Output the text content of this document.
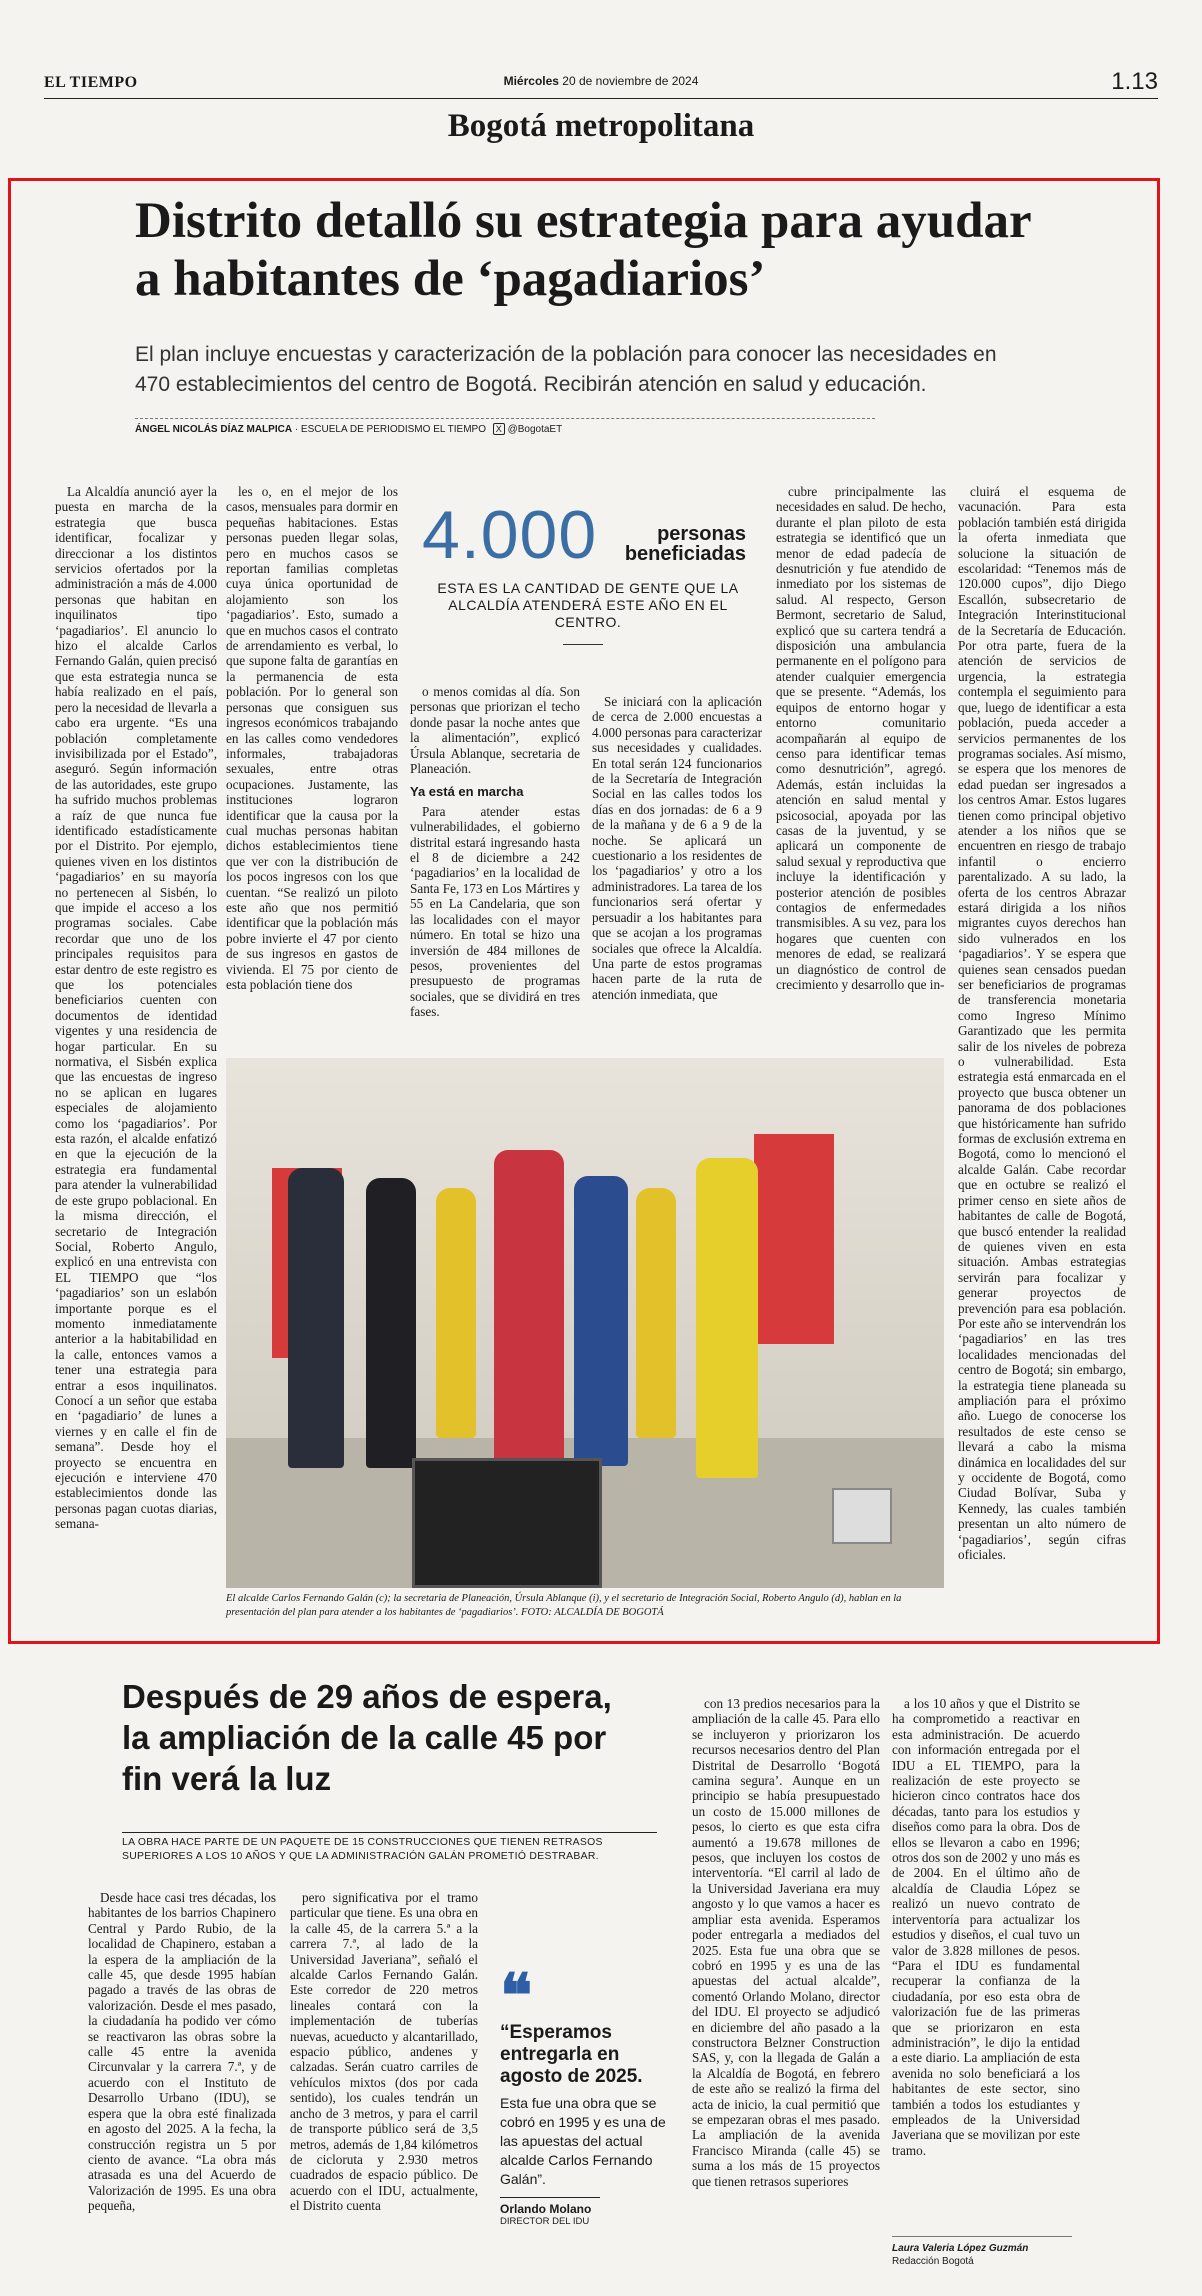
EL TIEMPO	Miércoles 20 de noviembre de 2024	1.13
Bogotá metropolitana
Distrito detalló su estrategia para ayudar a habitantes de ‘pagadiarios’

El plan incluye encuestas y caracterización de la población para conocer las necesidades en 470 establecimientos del centro de Bogotá. Recibirán atención en salud y educación.

ÁNGEL NICOLÁS DÍAZ MALPICA · ESCUELA DE PERIODISMO EL TIEMPO X @BogotaET

La Alcaldía anunció ayer la puesta en marcha de la estrategia que busca identificar, focalizar y direccionar a los distintos servicios ofertados por la administración a más de 4.000 personas que habitan en inquilinatos tipo ‘pagadiarios’. El anuncio lo hizo el alcalde Carlos Fernando Galán, quien precisó que esta estrategia nunca se había realizado en el país, pero la necesidad de llevarla a cabo era urgente. “Es una población completamente invisibilizada por el Estado”, aseguró. Según información de las autoridades, este grupo ha sufrido muchos problemas a raíz de que nunca fue identificado estadísticamente por el Distrito. Por ejemplo, quienes viven en los distintos ‘pagadiarios’ en su mayoría no pertenecen al Sisbén, lo que impide el acceso a los programas sociales. Cabe recordar que uno de los principales requisitos para estar dentro de este registro es que los potenciales beneficiarios cuenten con documentos de identidad vigentes y una residencia de hogar particular. En su normativa, el Sisbén explica que las encuestas de ingreso no se aplican en lugares especiales de alojamiento como los ‘pagadiarios’. Por esta razón, el alcalde enfatizó en que la ejecución de la estrategia era fundamental para atender la vulnerabilidad de este grupo poblacional. En la misma dirección, el secretario de Integración Social, Roberto Angulo, explicó en una entrevista con EL TIEMPO que “los ‘pagadiarios’ son un eslabón importante porque es el momento inmediatamente anterior a la habitabilidad en la calle, entonces vamos a tener una estrategia para entrar a esos inquilinatos. Conocí a un señor que estaba en ‘pagadiario’ de lunes a viernes y en calle el fin de semana”. Desde hoy el proyecto se encuentra en ejecución e interviene 470 establecimientos donde las personas pagan cuotas diarias, semana-

les o, en el mejor de los casos, mensuales para dormir en pequeñas habitaciones. Estas personas pueden llegar solas, pero en muchos casos se reportan familias completas cuya única oportunidad de alojamiento son los ‘pagadiarios’. Esto, sumado a que en muchos casos el contrato de arrendamiento es verbal, lo que supone falta de garantías en la permanencia de esta población. Por lo general son personas que consiguen sus ingresos económicos trabajando en las calles como vendedores informales, trabajadoras sexuales, entre otras ocupaciones. Justamente, las instituciones lograron identificar que la causa por la cual muchas personas habitan dichos establecimientos tiene que ver con la distribución de los pocos ingresos con los que cuentan. “Se realizó un piloto este año que nos permitió identificar que la población más pobre invierte el 47 por ciento de sus ingresos en gastos de vivienda. El 75 por ciento de esta población tiene dos

4.000	personas beneficiadas
ESTA ES LA CANTIDAD DE GENTE QUE LA ALCALDÍA ATENDERÁ ESTE AÑO EN EL CENTRO.

o menos comidas al día. Son personas que priorizan el techo donde pasar la noche antes que la alimentación”, explicó Úrsula Ablanque, secretaria de Planeación.

Ya está en marcha

Para atender estas vulnerabilidades, el gobierno distrital estará ingresando hasta el 8 de diciembre a 242 ‘pagadiarios’ en la localidad de Santa Fe, 173 en Los Mártires y 55 en La Candelaria, que son las localidades con el mayor número. En total se hizo una inversión de 484 millones de pesos, provenientes del presupuesto de programas sociales, que se dividirá en tres fases.

Se iniciará con la aplicación de cerca de 2.000 encuestas a 4.000 personas para caracterizar sus necesidades y cualidades. En total serán 124 funcionarios de la Secretaría de Integración Social en las calles todos los días en dos jornadas: de 6 a 9 de la mañana y de 6 a 9 de la noche. Se aplicará un cuestionario a los residentes de los ‘pagadiarios’ y otro a los administradores. La tarea de los funcionarios será ofertar y persuadir a los habitantes para que se acojan a los programas sociales que ofrece la Alcaldía. Una parte de estos programas hacen parte de la ruta de atención inmediata, que

cubre principalmente las necesidades en salud. De hecho, durante el plan piloto de esta estrategia se identificó que un menor de edad padecía de desnutrición y fue atendido de inmediato por los sistemas de salud. Al respecto, Gerson Bermont, secretario de Salud, explicó que su cartera tendrá a disposición una ambulancia permanente en el polígono para atender cualquier emergencia que se presente. “Además, los equipos de entorno hogar y entorno comunitario acompañarán al equipo de censo para identificar temas como desnutrición”, agregó. Además, están incluidas la atención en salud mental y psicosocial, apoyada por las casas de la juventud, y se aplicará un componente de salud sexual y reproductiva que incluye la identificación y posterior atención de posibles contagios de enfermedades transmisibles. A su vez, para los hogares que cuenten con menores de edad, se realizará un diagnóstico de control de crecimiento y desarrollo que in-

cluirá el esquema de vacunación. Para esta población también está dirigida la oferta inmediata que solucione la situación de escolaridad: “Tenemos más de 120.000 cupos”, dijo Diego Escallón, subsecretario de Integración Interinstitucional de la Secretaría de Educación. Por otra parte, fuera de la atención de servicios de urgencia, la estrategia contempla el seguimiento para que, luego de identificar a esta población, pueda acceder a servicios permanentes de los programas sociales. Así mismo, se espera que los menores de edad puedan ser ingresados a los centros Amar. Estos lugares tienen como principal objetivo atender a los niños que se encuentren en riesgo de trabajo infantil o encierro parentalizado. A su lado, la oferta de los centros Abrazar estará dirigida a los niños migrantes cuyos derechos han sido vulnerados en los ‘pagadiarios’. Y se espera que quienes sean censados puedan ser beneficiarios de programas de transferencia monetaria como Ingreso Mínimo Garantizado que les permita salir de los niveles de pobreza o vulnerabilidad. Esta estrategia está enmarcada en el proyecto que busca obtener un panorama de dos poblaciones que históricamente han sufrido formas de exclusión extrema en Bogotá, como lo mencionó el alcalde Galán. Cabe recordar que en octubre se realizó el primer censo en siete años de habitantes de calle de Bogotá, que buscó entender la realidad de quienes viven en esta situación. Ambas estrategias servirán para focalizar y generar proyectos de prevención para esa población. Por este año se intervendrán los ‘pagadiarios’ en las tres localidades mencionadas del centro de Bogotá; sin embargo, la estrategia tiene planeada su ampliación para el próximo año. Luego de conocerse los resultados de este censo se llevará a cabo la misma dinámica en localidades del sur y occidente de Bogotá, como Ciudad Bolívar, Suba y Kennedy, las cuales también presentan un alto número de ‘pagadiarios’, según cifras oficiales.

El alcalde Carlos Fernando Galán (c); la secretaria de Planeación, Úrsula Ablanque (i), y el secretario de Integración Social, Roberto Angulo (d), hablan en la presentación del plan para atender a los habitantes de ‘pagadiarios’. FOTO: ALCALDÍA DE BOGOTÁ

Después de 29 años de espera, la ampliación de la calle 45 por fin verá la luz

LA OBRA HACE PARTE DE UN PAQUETE DE 15 CONSTRUCCIONES QUE TIENEN RETRASOS SUPERIORES A LOS 10 AÑOS Y QUE LA ADMINISTRACIÓN GALÁN PROMETIÓ DESTRABAR.

Desde hace casi tres décadas, los habitantes de los barrios Chapinero Central y Pardo Rubio, de la localidad de Chapinero, estaban a la espera de la ampliación de la calle 45, que desde 1995 habían pagado a través de las obras de valorización. Desde el mes pasado, la ciudadanía ha podido ver cómo se reactivaron las obras sobre la calle 45 entre la avenida Circunvalar y la carrera 7.ª, y de acuerdo con el Instituto de Desarrollo Urbano (IDU), se espera que la obra esté finalizada en agosto del 2025. A la fecha, la construcción registra un 5 por ciento de avance. “La obra más atrasada es una del Acuerdo de Valorización de 1995. Es una obra pequeña,

pero significativa por el tramo particular que tiene. Es una obra en la calle 45, de la carrera 5.ª a la carrera 7.ª, al lado de la Universidad Javeriana”, señaló el alcalde Carlos Fernando Galán. Este corredor de 220 metros lineales contará con la implementación de tuberías nuevas, acueducto y alcantarillado, espacio público, andenes y calzadas. Serán cuatro carriles de vehículos mixtos (dos por cada sentido), los cuales tendrán un ancho de 3 metros, y para el carril de transporte público será de 3,5 metros, además de 1,84 kilómetros de cicloruta y 2.930 metros cuadrados de espacio público. De acuerdo con el IDU, actualmente, el Distrito cuenta

❝
“Esperamos entregarla en agosto de 2025.
Esta fue una obra que se cobró en 1995 y es una de las apuestas del actual alcalde Carlos Fernando Galán”.
Orlando Molano
DIRECTOR DEL IDU

con 13 predios necesarios para la ampliación de la calle 45. Para ello se incluyeron y priorizaron los recursos necesarios dentro del Plan Distrital de Desarrollo ‘Bogotá camina segura’. Aunque en un principio se había presupuestado un costo de 15.000 millones de pesos, lo cierto es que esta cifra aumentó a 19.678 millones de pesos, que incluyen los costos de interventoría. “El carril al lado de la Universidad Javeriana era muy angosto y lo que vamos a hacer es ampliar esta avenida. Esperamos poder entregarla a mediados del 2025. Esta fue una obra que se cobró en 1995 y es una de las apuestas del actual alcalde”, comentó Orlando Molano, director del IDU. El proyecto se adjudicó en diciembre del año pasado a la constructora Belzner Construction SAS, y, con la llegada de Galán a la Alcaldía de Bogotá, en febrero de este año se realizó la firma del acta de inicio, la cual permitió que se empezaran obras el mes pasado. La ampliación de la avenida Francisco Miranda (calle 45) se suma a los más de 15 proyectos que tienen retrasos superiores

a los 10 años y que el Distrito se ha comprometido a reactivar en esta administración. De acuerdo con información entregada por el IDU a EL TIEMPO, para la realización de este proyecto se hicieron cinco contratos hace dos décadas, tanto para los estudios y diseños como para la obra. Dos de ellos se llevaron a cabo en 1996; otros dos son de 2002 y uno más es de 2004. En el último año de alcaldía de Claudia López se realizó un nuevo contrato de interventoría para actualizar los estudios y diseños, el cual tuvo un valor de 3.828 millones de pesos. “Para el IDU es fundamental recuperar la confianza de la ciudadanía, por eso esta obra de valorización fue de las primeras que se priorizaron en esta administración”, le dijo la entidad a este diario. La ampliación de esta avenida no solo beneficiará a los habitantes de este sector, sino también a todos los estudiantes y empleados de la Universidad Javeriana que se movilizan por este tramo.

Laura Valeria López Guzmán
Redacción Bogotá
